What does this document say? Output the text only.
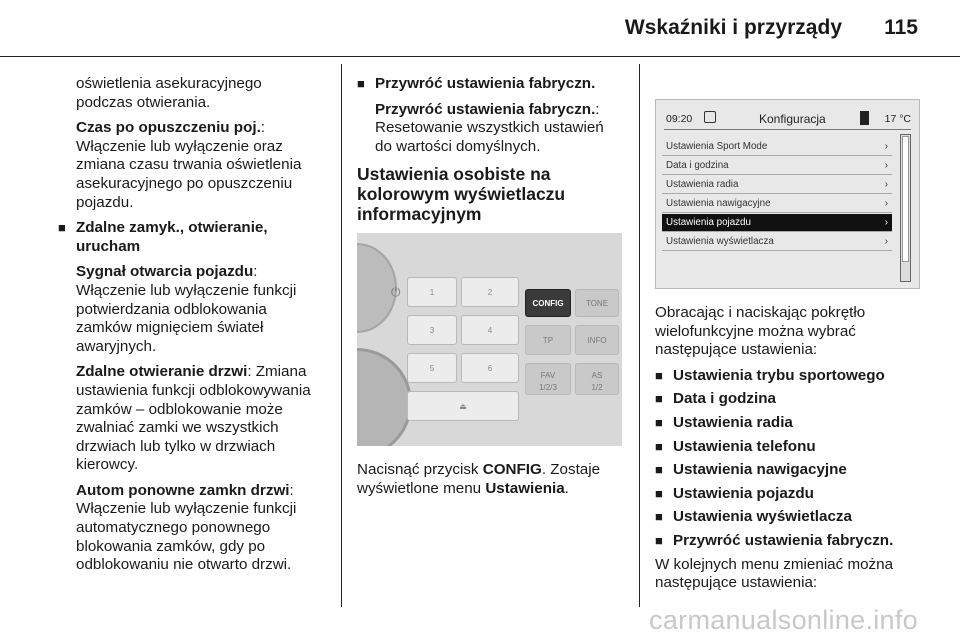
Wskaźniki i przyrządy 115

oświetlenia asekuracyjnego
podczas otwierania.

Czas po opuszczeniu poj.:
Włączenie lub wyłączenie oraz
zmiana czasu trwania oświetlenia
asekuracyjnego po opuszczeniu
pojazdu.

■ Zdalne zamyk., otwieranie,
urucham

Sygnał otwarcia pojazdu:
Włączenie lub wyłączenie funkcji
potwierdzania odblokowania
zamków mignięciem świateł
awaryjnych.

Zdalne otwieranie drzwi: Zmiana
ustawienia funkcji odblokowywania
zamków – odblokowanie może
zwalniać zamki we wszystkich
drzwiach lub tylko w drzwiach
kierowcy.

Autom ponowne zamkn drzwi:
Włączenie lub wyłączenie funkcji
automatycznego ponownego
blokowania zamków, gdy po
odblokowaniu nie otwarto drzwi.

■ Przywróć ustawienia fabryczn.

Przywróć ustawienia fabryczn.:
Resetowanie wszystkich ustawień
do wartości domyślnych.

Ustawienia osobiste na
kolorowym wyświetlaczu
informacyjnym
⏻	1	2
3	4
5	6
⏏
CONFIG	TONE
TP	INFO
FAV
1/2/3
AS
1/2

Nacisnąć przycisk CONFIG. Zostaje
wyświetlone menu Ustawienia.

09:20	Konfiguracja	17 °C
Ustawienia Sport Mode	›
Data i godzina	›
Ustawienia radia	›
Ustawienia nawigacyjne	›
Ustawienia pojazdu	›
Ustawienia wyświetlacza	›

Obracając i naciskając pokrętło
wielofunkcyjne można wybrać
następujące ustawienia:

■ Ustawienia trybu sportowego

■ Data i godzina

■ Ustawienia radia

■ Ustawienia telefonu

■ Ustawienia nawigacyjne

■ Ustawienia pojazdu

■ Ustawienia wyświetlacza

■ Przywróć ustawienia fabryczn.

W kolejnych menu zmieniać można
następujące ustawienia:

carmanualsonline.info
